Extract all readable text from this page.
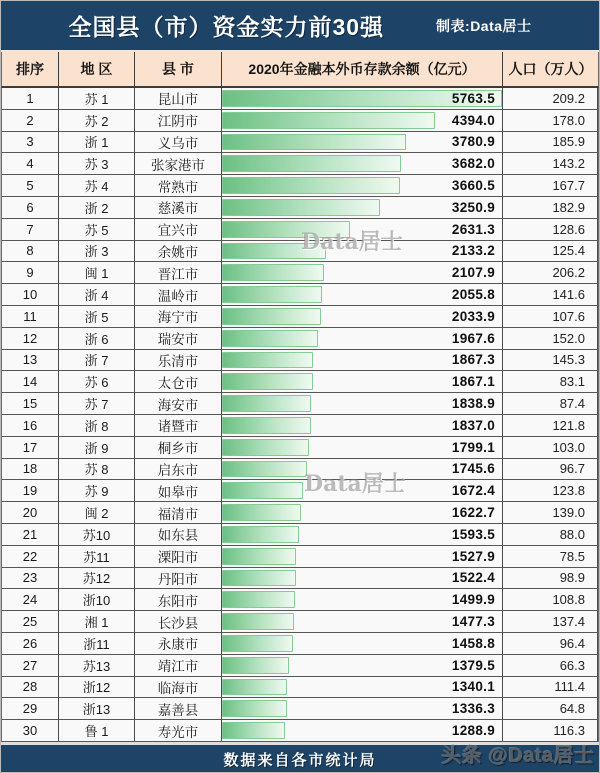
全国县（市）资金实力前30强	制表:Data居士
排序	地 区	县 市	2020年金融本外币存款余额（亿元）	人口（万人）
1	苏 1	昆山市	5763.5	209.2
2	苏 2	江阴市	4394.0	178.0
3	浙 1	义乌市	3780.9	185.9
4	苏 3	张家港市	3682.0	143.2
5	苏 4	常熟市	3660.5	167.7
6	浙 2	慈溪市	3250.9	182.9
7	苏 5	宜兴市	2631.3	128.6
8	浙 3	余姚市	2133.2	125.4
9	闽 1	晋江市	2107.9	206.2
10	浙 4	温岭市	2055.8	141.6
11	浙 5	海宁市	2033.9	107.6
12	浙 6	瑞安市	1967.6	152.0
13	浙 7	乐清市	1867.3	145.3
14	苏 6	太仓市	1867.1	83.1
15	苏 7	海安市	1838.9	87.4
16	浙 8	诸暨市	1837.0	121.8
17	浙 9	桐乡市	1799.1	103.0
18	苏 8	启东市	1745.6	96.7
19	苏 9	如皋市	1672.4	123.8
20	闽 2	福清市	1622.7	139.0
21	苏10	如东县	1593.5	88.0
22	苏11	溧阳市	1527.9	78.5
23	苏12	丹阳市	1522.4	98.9
24	浙10	东阳市	1499.9	108.8
25	湘 1	长沙县	1477.3	137.4
26	浙11	永康市	1458.8	96.4
27	苏13	靖江市	1379.5	66.3
28	浙12	临海市	1340.1	111.4
29	浙13	嘉善县	1336.3	64.8
30	鲁 1	寿光市	1288.9	116.3
数据来自各市统计局
Data居士
Data居士
头条 @Data居士
